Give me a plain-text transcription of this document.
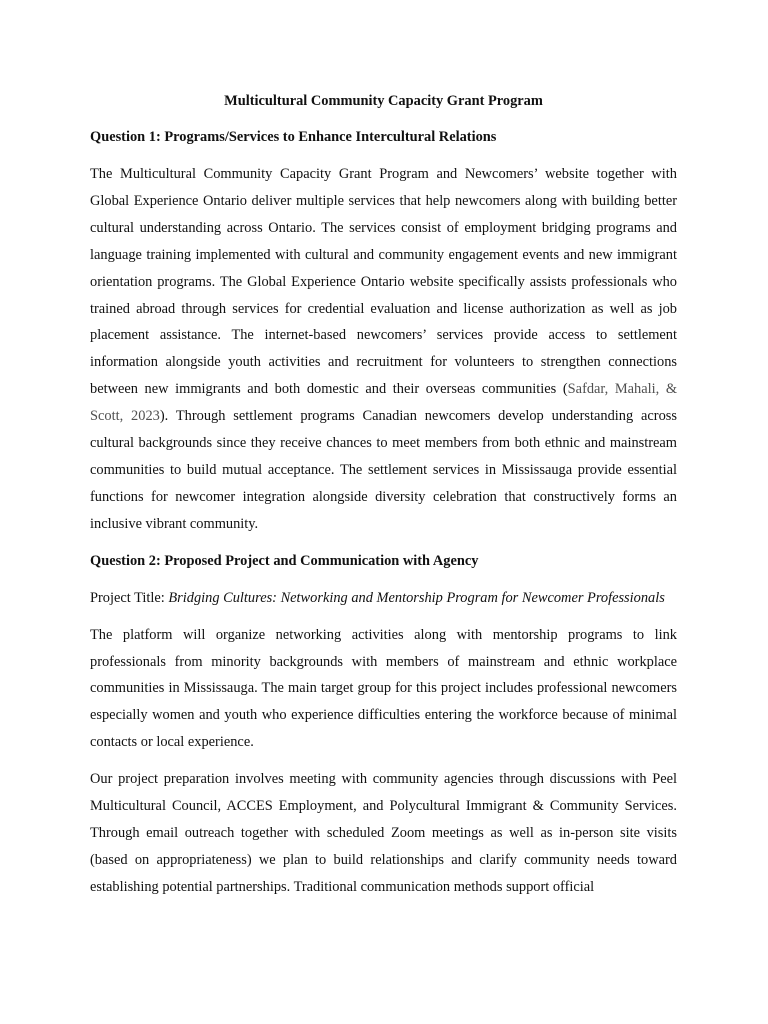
Multicultural Community Capacity Grant Program
Question 1: Programs/Services to Enhance Intercultural Relations

The Multicultural Community Capacity Grant Program and Newcomers’ website together with Global Experience Ontario deliver multiple services that help newcomers along with building better cultural understanding across Ontario. The services consist of employment bridging programs and language training implemented with cultural and community engagement events and new immigrant orientation programs. The Global Experience Ontario website specifically assists professionals who trained abroad through services for credential evaluation and license authorization as well as job placement assistance. The internet-based newcomers’ services provide access to settlement information alongside youth activities and recruitment for volunteers to strengthen connections between new immigrants and both domestic and their overseas communities (Safdar, Mahali, & Scott, 2023). Through settlement programs Canadian newcomers develop understanding across cultural backgrounds since they receive chances to meet members from both ethnic and mainstream communities to build mutual acceptance. The settlement services in Mississauga provide essential functions for newcomer integration alongside diversity celebration that constructively forms an inclusive vibrant community.

Question 2: Proposed Project and Communication with Agency

Project Title: Bridging Cultures: Networking and Mentorship Program for Newcomer Professionals

The platform will organize networking activities along with mentorship programs to link professionals from minority backgrounds with members of mainstream and ethnic workplace communities in Mississauga. The main target group for this project includes professional newcomers especially women and youth who experience difficulties entering the workforce because of minimal contacts or local experience.

Our project preparation involves meeting with community agencies through discussions with Peel Multicultural Council, ACCES Employment, and Polycultural Immigrant & Community Services. Through email outreach together with scheduled Zoom meetings as well as in-person site visits (based on appropriateness) we plan to build relationships and clarify community needs toward establishing potential partnerships. Traditional communication methods support official
